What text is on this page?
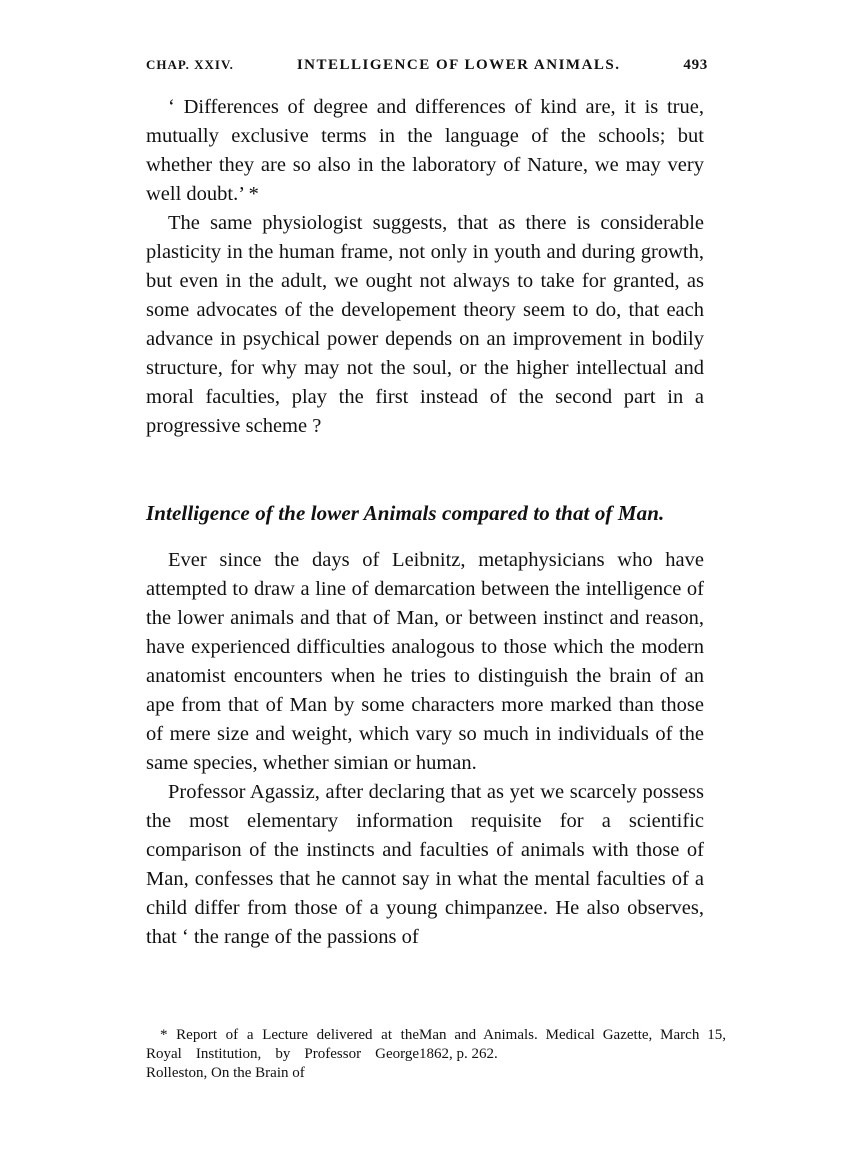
CHAP. XXIV.	INTELLIGENCE OF LOWER ANIMALS.	493

‘ Differences of degree and differences of kind are, it is true, mutually exclusive terms in the language of the schools; but whether they are so also in the laboratory of Nature, we may very well doubt.’ *

The same physiologist suggests, that as there is considerable plasticity in the human frame, not only in youth and during growth, but even in the adult, we ought not always to take for granted, as some advocates of the developement theory seem to do, that each advance in psychical power depends on an improvement in bodily structure, for why may not the soul, or the higher intellectual and moral faculties, play the first instead of the second part in a progressive scheme ?

Intelligence of the lower Animals compared to that of Man.

Ever since the days of Leibnitz, metaphysicians who have attempted to draw a line of demarcation between the intelligence of the lower animals and that of Man, or between instinct and reason, have experienced difficulties analogous to those which the modern anatomist encounters when he tries to distinguish the brain of an ape from that of Man by some characters more marked than those of mere size and weight, which vary so much in individuals of the same species, whether simian or human.

Professor Agassiz, after declaring that as yet we scarcely possess the most elementary information requisite for a scientific comparison of the instincts and faculties of animals with those of Man, confesses that he cannot say in what the mental faculties of a child differ from those of a young chimpanzee. He also observes, that ‘ the range of the passions of

* Report of a Lecture delivered at the Royal Institution, by Professor George Rolleston, On the Brain of

Man and Animals. Medical Gazette, March 15, 1862, p. 262.
